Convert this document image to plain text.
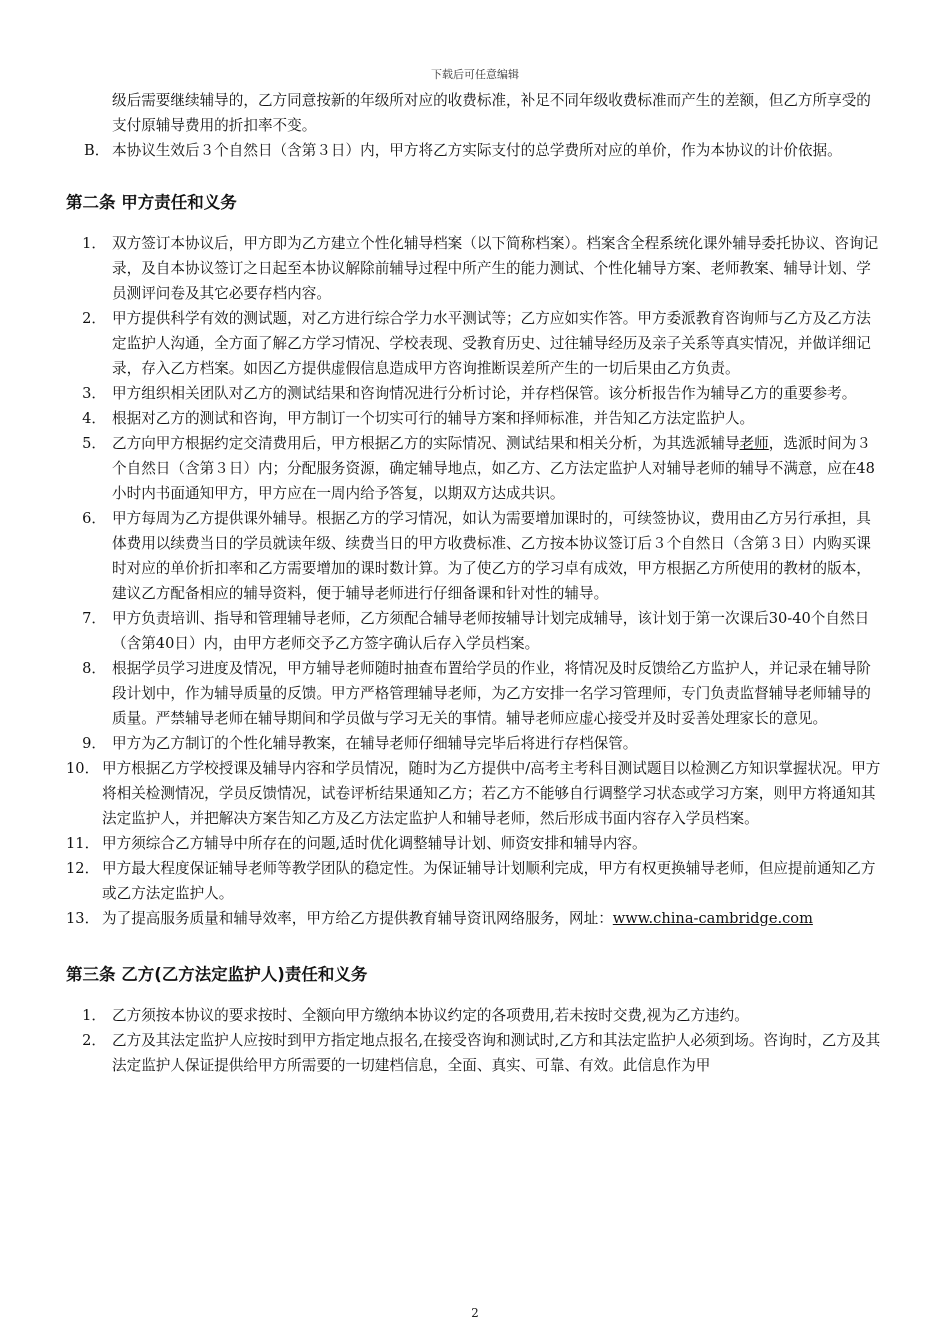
下载后可任意编辑

级后需要继续辅导的，乙方同意按新的年级所对应的收费标准，补足不同年级收费标准而产生的差额，但乙方所享受的支付原辅导费用的折扣率不变。

B． 本协议生效后３个自然日（含第３日）内，甲方将乙方实际支付的总学费所对应的单价，作为本协议的计价依据。
第二条 甲方责任和义务
1． 双方签订本协议后，甲方即为乙方建立个性化辅导档案（以下简称档案）。档案含全程系统化课外辅导委托协议、咨询记录，及自本协议签订之日起至本协议解除前辅导过程中所产生的能力测试、个性化辅导方案、老师教案、辅导计划、学员测评问卷及其它必要存档内容。
2． 甲方提供科学有效的测试题，对乙方进行综合学力水平测试等；乙方应如实作答。甲方委派教育咨询师与乙方及乙方法定监护人沟通，全方面了解乙方学习情况、学校表现、受教育历史、过往辅导经历及亲子关系等真实情况，并做详细记录，存入乙方档案。如因乙方提供虚假信息造成甲方咨询推断误差所产生的一切后果由乙方负责。
3． 甲方组织相关团队对乙方的测试结果和咨询情况进行分析讨论，并存档保管。该分析报告作为辅导乙方的重要参考。
4． 根据对乙方的测试和咨询，甲方制订一个切实可行的辅导方案和择师标准，并告知乙方法定监护人。
5． 乙方向甲方根据约定交清费用后，甲方根据乙方的实际情况、测试结果和相关分析，为其选派辅导老师，选派时间为３个自然日（含第３日）内；分配服务资源，确定辅导地点，如乙方、乙方法定监护人对辅导老师的辅导不满意，应在48小时内书面通知甲方，甲方应在一周内给予答复，以期双方达成共识。
6． 甲方每周为乙方提供课外辅导。根据乙方的学习情况，如认为需要增加课时的，可续签协议，费用由乙方另行承担，具体费用以续费当日的学员就读年级、续费当日的甲方收费标准、乙方按本协议签订后３个自然日（含第３日）内购买课时对应的单价折扣率和乙方需要增加的课时数计算。为了使乙方的学习卓有成效，甲方根据乙方所使用的教材的版本，建议乙方配备相应的辅导资料，便于辅导老师进行仔细备课和针对性的辅导。
7． 甲方负责培训、指导和管理辅导老师，乙方须配合辅导老师按辅导计划完成辅导，该计划于第一次课后30-40个自然日（含第40日）内，由甲方老师交予乙方签字确认后存入学员档案。
8． 根据学员学习进度及情况，甲方辅导老师随时抽查布置给学员的作业，将情况及时反馈给乙方监护人，并记录在辅导阶段计划中，作为辅导质量的反馈。甲方严格管理辅导老师，为乙方安排一名学习管理师，专门负责监督辅导老师辅导的质量。严禁辅导老师在辅导期间和学员做与学习无关的事情。辅导老师应虚心接受并及时妥善处理家长的意见。
9． 甲方为乙方制订的个性化辅导教案，在辅导老师仔细辅导完毕后将进行存档保管。
10． 甲方根据乙方学校授课及辅导内容和学员情况，随时为乙方提供中/高考主考科目测试题目以检测乙方知识掌握状况。甲方将相关检测情况，学员反馈情况，试卷评析结果通知乙方；若乙方不能够自行调整学习状态或学习方案，则甲方将通知其法定监护人，并把解决方案告知乙方及乙方法定监护人和辅导老师，然后形成书面内容存入学员档案。
11． 甲方须综合乙方辅导中所存在的问题,适时优化调整辅导计划、师资安排和辅导内容。
12． 甲方最大程度保证辅导老师等教学团队的稳定性。为保证辅导计划顺利完成，甲方有权更换辅导老师，但应提前通知乙方或乙方法定监护人。
13． 为了提高服务质量和辅导效率，甲方给乙方提供教育辅导资讯网络服务，网址：www.china-cambridge.com
第三条 乙方(乙方法定监护人)责任和义务
1． 乙方须按本协议的要求按时、全额向甲方缴纳本协议约定的各项费用,若未按时交费,视为乙方违约。
2． 乙方及其法定监护人应按时到甲方指定地点报名,在接受咨询和测试时,乙方和其法定监护人必须到场。咨询时，乙方及其法定监护人保证提供给甲方所需要的一切建档信息，全面、真实、可靠、有效。此信息作为甲
2
